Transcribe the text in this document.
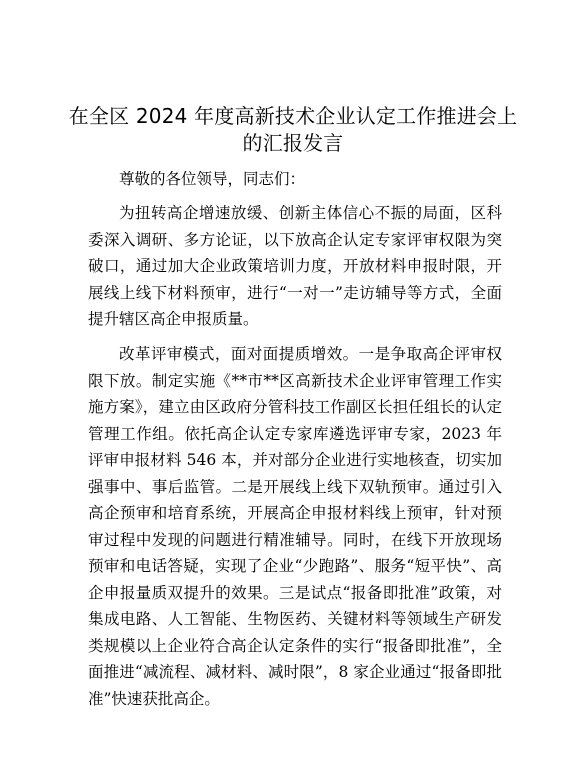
在全区 2024 年度高新技术企业认定工作推进会上的汇报发言

尊敬的各位领导，同志们：

为扭转高企增速放缓、创新主体信心不振的局面，区科委深入调研、多方论证，以下放高企认定专家评审权限为突破口，通过加大企业政策培训力度，开放材料申报时限，开展线上线下材料预审，进行“一对一”走访辅导等方式，全面提升辖区高企申报质量。

改革评审模式，面对面提质增效。一是争取高企评审权限下放。制定实施《**市**区高新技术企业评审管理工作实施方案》，建立由区政府分管科技工作副区长担任组长的认定管理工作组。依托高企认定专家库遴选评审专家，2023 年评审申报材料 546 本，并对部分企业进行实地核查，切实加强事中、事后监管。二是开展线上线下双轨预审。通过引入高企预审和培育系统，开展高企申报材料线上预审，针对预审过程中发现的问题进行精准辅导。同时，在线下开放现场预审和电话答疑，实现了企业“少跑路”、服务“短平快”、高企申报量质双提升的效果。三是试点“报备即批准”政策，对集成电路、人工智能、生物医药、关键材料等领域生产研发类规模以上企业符合高企认定条件的实行“报备即批准”，全面推进“减流程、减材料、减时限”，8 家企业通过“报备即批准”快速获批高企。
